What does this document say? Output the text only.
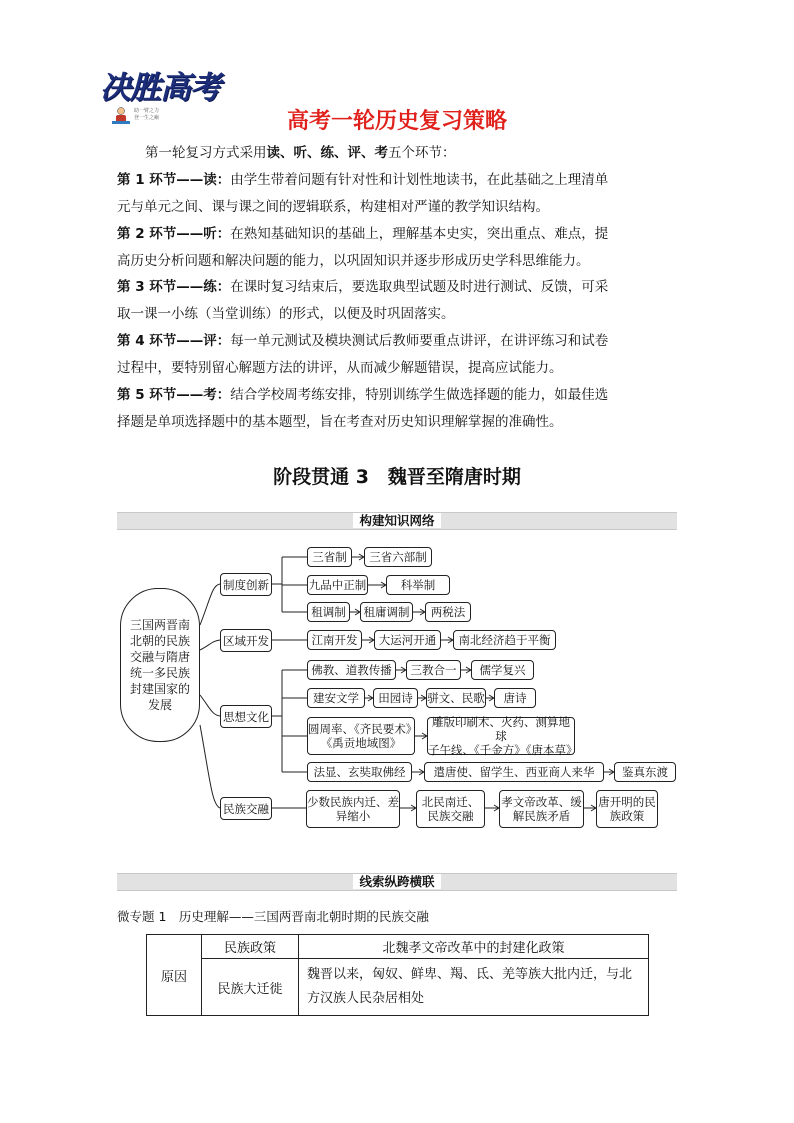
决胜高考
助一臂之力
登一生之巅	高考一轮历史复习策略
第一轮复习方式采用读、听、练、评、考五个环节：
第 1 环节——读：由学生带着问题有针对性和计划性地读书，在此基础之上理清单
元与单元之间、课与课之间的逻辑联系，构建相对严谨的教学知识结构。
第 2 环节——听：在熟知基础知识的基础上，理解基本史实，突出重点、难点，提
高历史分析问题和解决问题的能力，以巩固知识并逐步形成历史学科思维能力。
第 3 环节——练：在课时复习结束后，要选取典型试题及时进行测试、反馈，可采
取一课一小练（当堂训练）的形式，以便及时巩固落实。
第 4 环节——评：每一单元测试及模块测试后教师要重点讲评，在讲评练习和试卷
过程中，要特别留心解题方法的讲评，从而减少解题错误，提高应试能力。
第 5 环节——考：结合学校周考练安排，特别训练学生做选择题的能力，如最佳选
择题是单项选择题中的基本题型，旨在考查对历史知识理解掌握的准确性。
阶段贯通 3　魏晋至隋唐时期
构建知识网络
三国两晋南北朝的民族交融与隋唐统一多民族封建国家的发展
制度创新
区域开发
思想文化
民族交融
三省制	三省六部制
九品中正制	科举制
租调制	租庸调制	两税法
江南开发	大运河开通	南北经济趋于平衡
佛教、道教传播	三教合一	儒学复兴
建安文学	田园诗	骈文、民歌	唐诗
圆周率、《齐民要术》
《禹贡地域图》
雕版印刷术、火药、测算地球
子午线、《千金方》《唐本草》
法显、玄奘取佛经	遣唐使、留学生、西亚商人来华	鉴真东渡
少数民族内迁、差异缩小
北民南迁、民族交融
孝文帝改革、缓解民族矛盾
唐开明的民族政策
线索纵跨横联
微专题 1　历史理解——三国两晋南北朝时期的民族交融
原因	民族政策	北魏孝文帝改革中的封建化政策
	民族大迁徙	魏晋以来，匈奴、鲜卑、羯、氐、羌等族大批内迁，与北方汉族人民杂居相处
